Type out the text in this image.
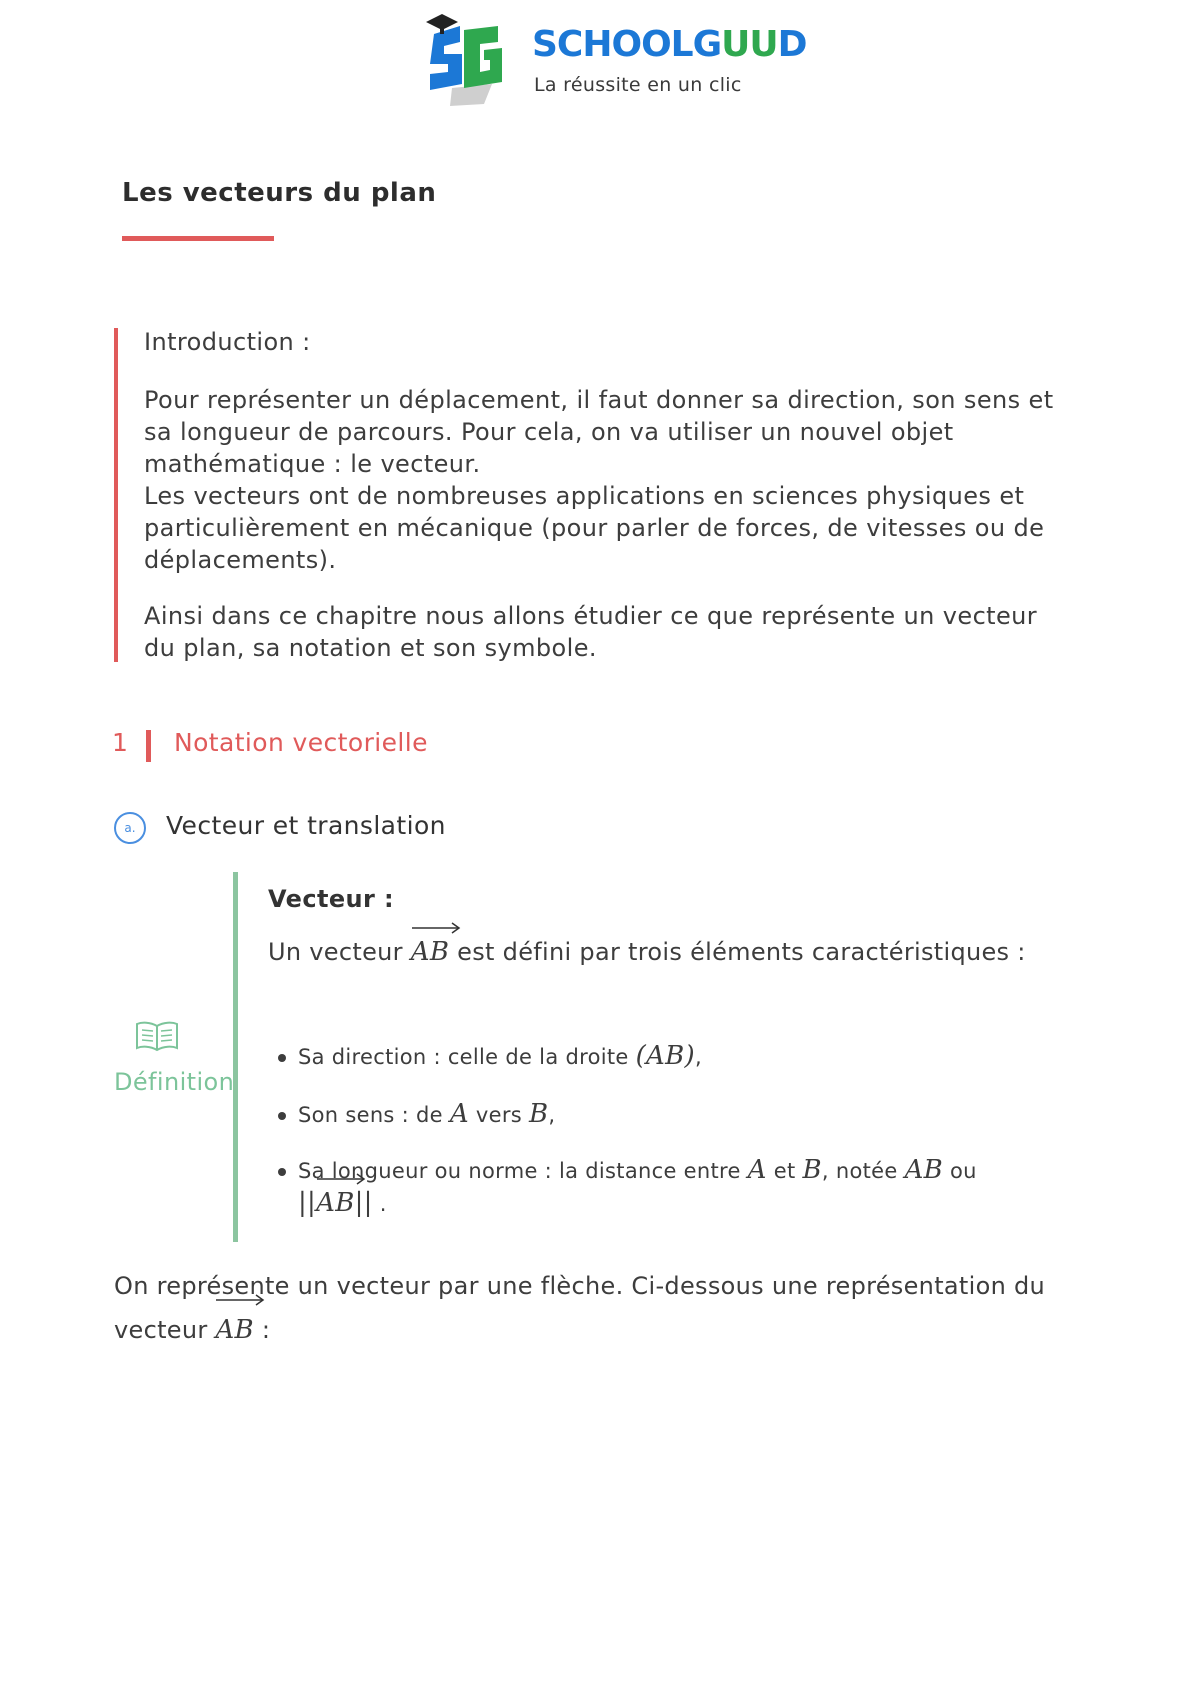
SCHOOLGUUD
La réussite en un clic
Les vecteurs du plan
Introduction :
Pour représenter un déplacement, il faut donner sa direction, son sens et sa longueur de parcours. Pour cela, on va utiliser un nouvel objet mathématique : le vecteur.
Les vecteurs ont de nombreuses applications en sciences physiques et particulièrement en mécanique (pour parler de forces, de vitesses ou de déplacements).
Ainsi dans ce chapitre nous allons étudier ce que représente un vecteur du plan, sa notation et son symbole.
1 Notation vectorielle
a.	Vecteur et translation
Définition
Vecteur :
Un vecteur AB
est défini par trois éléments caractéristiques :
Sa direction : celle de la droite (AB),
Son sens : de A vers B,
Sa longueur ou norme : la distance entre A et B, notée AB ou
||AB
|| .
On représente un vecteur par une flèche. Ci-dessous une représentation du vecteur AB
:
